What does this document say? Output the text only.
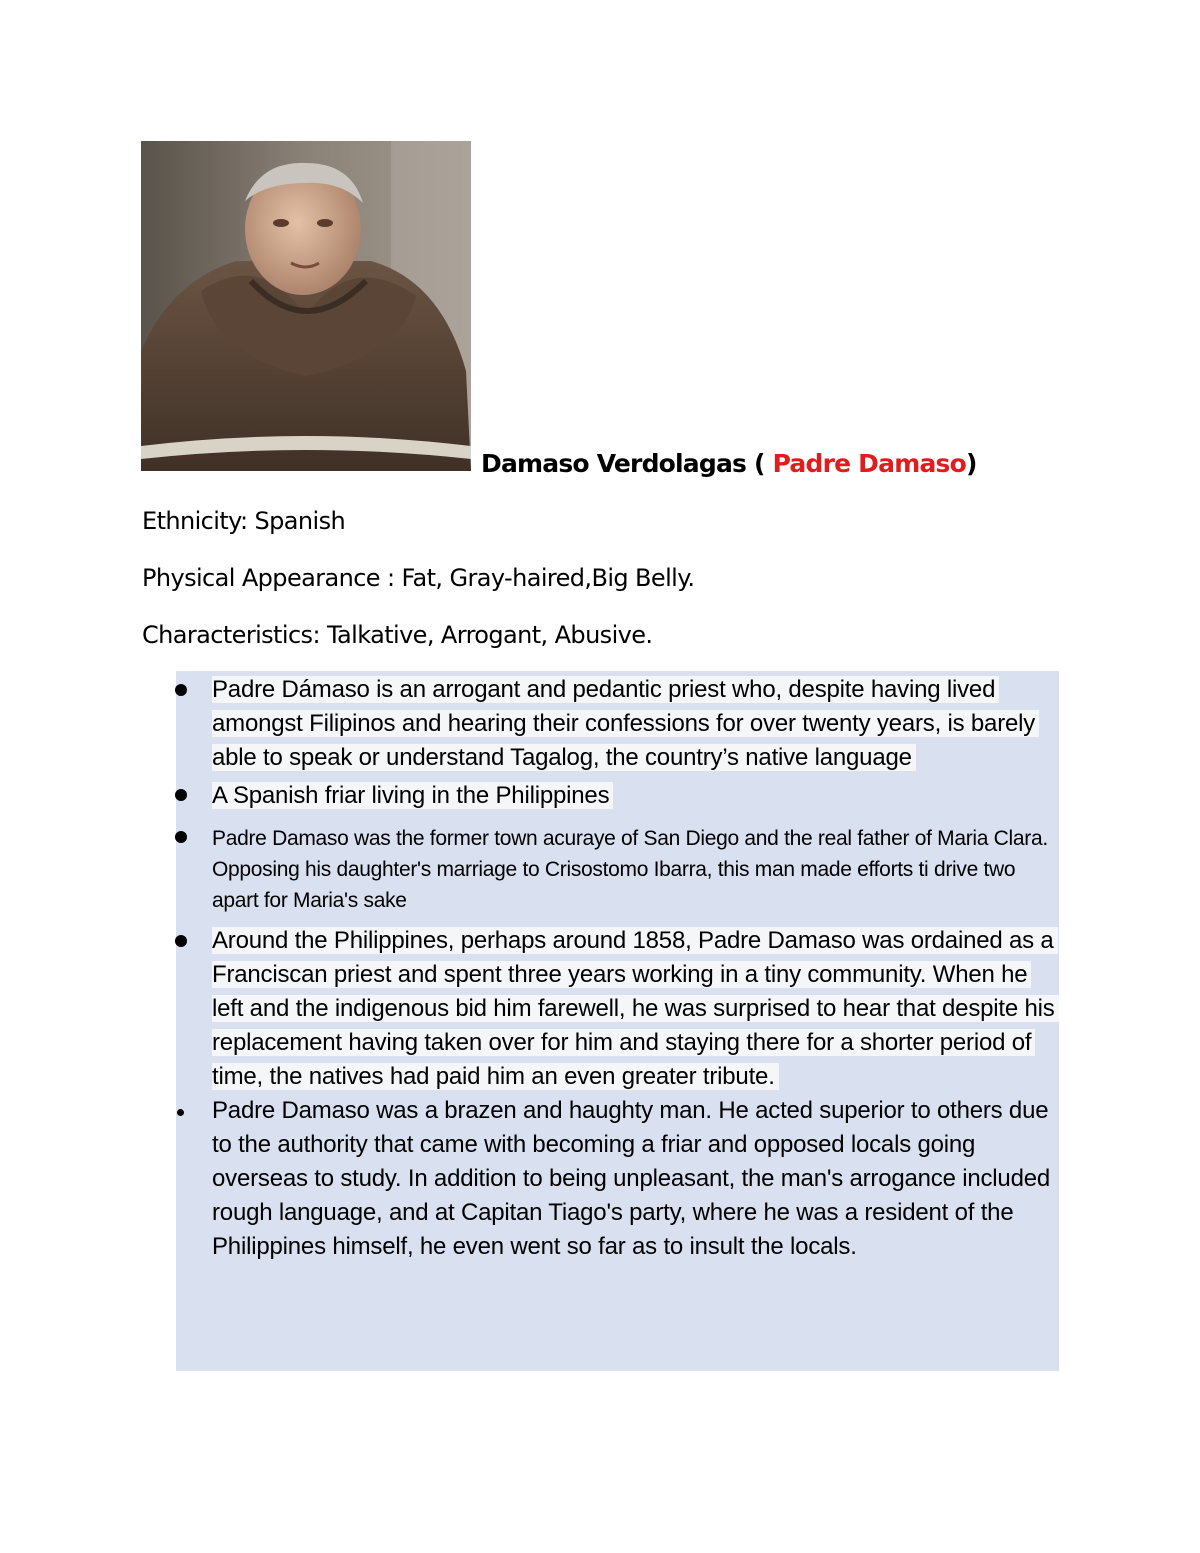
Damaso Verdolagas ( Padre Damaso)
Ethnicity: Spanish
Physical Appearance : Fat, Gray-haired,Big Belly.
Characteristics: Talkative, Arrogant, Abusive.
Padre Dámaso is an arrogant and pedantic priest who, despite having lived amongst Filipinos and hearing their confessions for over twenty years, is barely able to speak or understand Tagalog, the country’s native language
A Spanish friar living in the Philippines
Padre Damaso was the former town acuraye of San Diego and the real father of Maria Clara. Opposing his daughter's marriage to Crisostomo Ibarra, this man made efforts ti drive two apart for Maria's sake
Around the Philippines, perhaps around 1858, Padre Damaso was ordained as a Franciscan priest and spent three years working in a tiny community. When he left and the indigenous bid him farewell, he was surprised to hear that despite his replacement having taken over for him and staying there for a shorter period of time, the natives had paid him an even greater tribute.
Padre Damaso was a brazen and haughty man. He acted superior to others due to the authority that came with becoming a friar and opposed locals going overseas to study. In addition to being unpleasant, the man's arrogance included rough language, and at Capitan Tiago's party, where he was a resident of the Philippines himself, he even went so far as to insult the locals.
